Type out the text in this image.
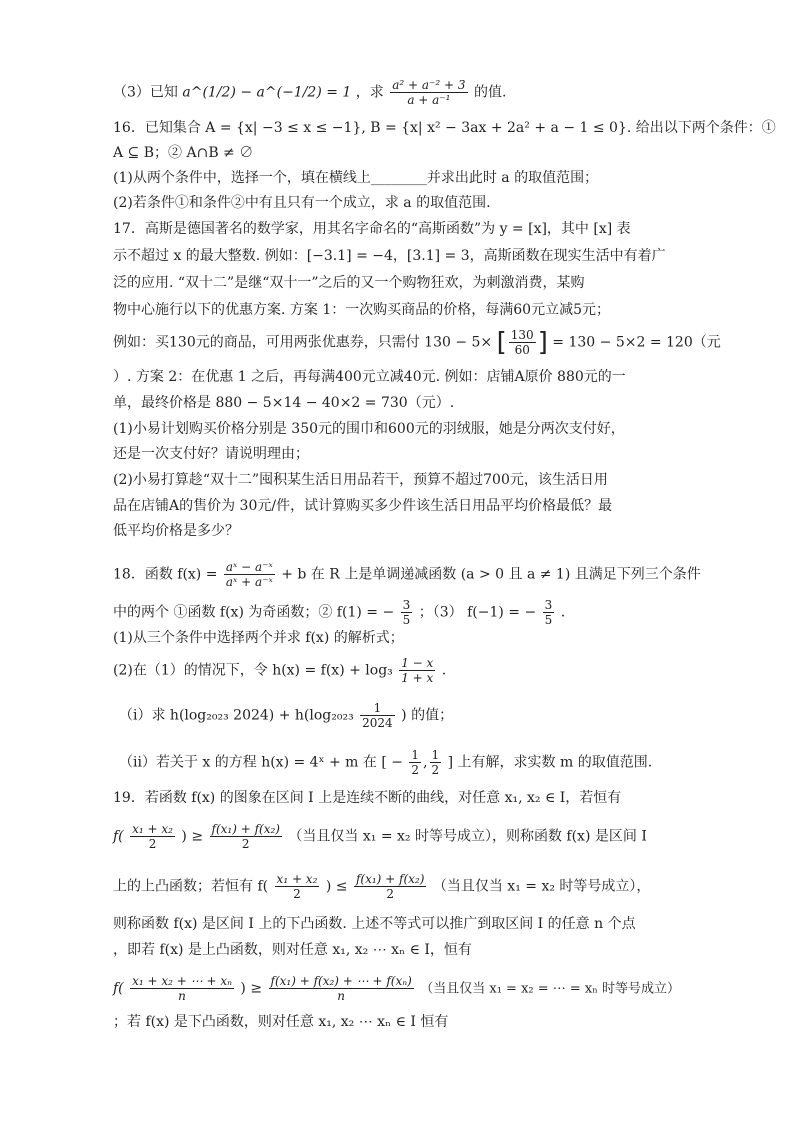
（3）已知 a^(1/2) − a^(−1/2) = 1 ，求 $\frac{\text{a² + a⁻² + 3}}{\text{a + a⁻¹}}$ 的值.
16．已知集合 A = {x| −3 ≤ x ≤ −1}, B = {x| x² − 3ax + 2a² + a − 1 ≤ 0}. 给出以下两个条件：①
A ⊆ B；② A∩B ≠ ∅
(1)从两个条件中，选择一个，填在横线上________并求出此时 a 的取值范围；
(2)若条件①和条件②中有且只有一个成立，求 a 的取值范围.
17．高斯是德国著名的数学家，用其名字命名的“高斯函数”为 y = [x]，其中 [x] 表
示不超过 x 的最大整数. 例如：[−3.1] = −4，[3.1] = 3，高斯函数在现实生活中有着广
泛的应用. “双十二”是继“双十一”之后的又一个购物狂欢，为刺激消费，某购
物中心施行以下的优惠方案. 方案 1：一次购买商品的价格，每满60元立减5元；
例如：买130元的商品，可用两张优惠券，只需付 130 − 5× [ $\frac{130}{60}$ ] = 130 − 5×2 = 120（元
）. 方案 2：在优惠 1 之后，再每满400元立减40元. 例如：店铺A原价 880元的一
单，最终价格是 880 − 5×14 − 40×2 = 730（元）.
(1)小易计划购买价格分别是 350元的围巾和600元的羽绒服，她是分两次支付好，
还是一次支付好？请说明理由；
(2)小易打算趁“双十二”囤积某生活日用品若干，预算不超过700元，该生活日用
品在店铺A的售价为 30元/件，试计算购买多少件该生活日用品平均价格最低？最
低平均价格是多少？
18．函数 $f(x) = \frac{\text{aˣ − a⁻ˣ}}{\text{aˣ + a⁻ˣ}} + b$ 在 R 上是单调递减函数 (a > 0 且 a ≠ 1) 且满足下列三个条件
中的两个 ①函数 f(x) 为奇函数；② f(1) = − $\frac{3}{5}$ ；（3） f(−1) = − $\frac{3}{5}$ .
(1)从三个条件中选择两个并求 f(x) 的解析式；
(2)在（1）的情况下，令 $h(x) = f(x) + \log_3 \frac{1 - x}{1 + x}$ .
（i）求 h(log₂₀₂₃ $2024) + h(\log_{2023} \frac{1}{2024}$ ) 的值；
（ii）若关于 x 的方程 h(x) = 4ˣ + m 在 [ − $\frac{1}{2}$ , $\frac{1}{2}$ ] 上有解，求实数 m 的取值范围.
19．若函数 f(x) 的图象在区间 I 上是连续不断的曲线，对任意 x₁, x₂ ∈ I，若恒有
$f( \frac{\text{x₁ + x₂}}{2}$ ) ≥ $\frac{\text{f(x₁) + f(x₂)}}{2}$ （当且仅当 x₁ = x₂ 时等号成立），则称函数 f(x) 是区间 I
上的上凸函数；若恒有 $f( \frac{\text{x₁ + x₂}}{2}$ ) ≤ $\frac{\text{f(x₁) + f(x₂)}}{2}$ （当且仅当 x₁ = x₂ 时等号成立），
则称函数 f(x) 是区间 I 上的下凸函数. 上述不等式可以推广到取区间 I 的任意 n 个点
，即若 f(x) 是上凸函数，则对任意 x₁, x₂ ⋯ xₙ ∈ I，恒有
$f( \frac{\text{x₁ + x₂ + ⋯ + xₙ}}{n}$ ) ≥ $\frac{\text{f(x₁) + f(x₂) + ⋯ + f(xₙ)}}{n}$ （当且仅当 x₁ = x₂ = ⋯ = xₙ 时等号成立）
；若 f(x) 是下凸函数，则对任意 x₁, x₂ ⋯ xₙ ∈ I 恒有
